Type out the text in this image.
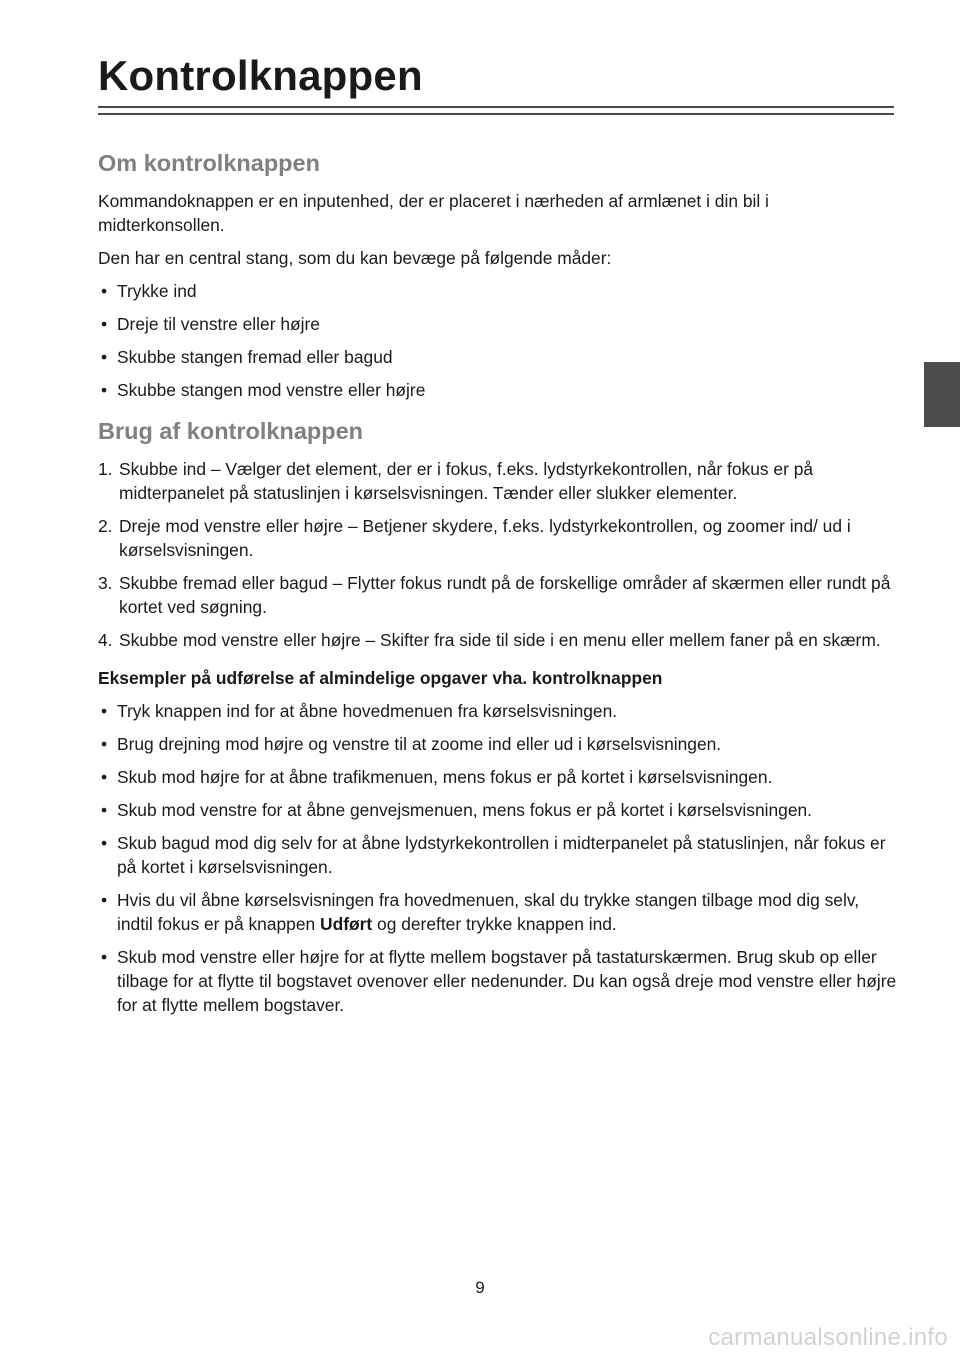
Kontrolknappen
Om kontrolknappen

Kommandoknappen er en inputenhed, der er placeret i nærheden af armlænet i din bil i midterkonsollen.

Den har en central stang, som du kan bevæge på følgende måder:

• Trykke ind
• Dreje til venstre eller højre
• Skubbe stangen fremad eller bagud
• Skubbe stangen mod venstre eller højre
Brug af kontrolknappen
1. Skubbe ind – Vælger det element, der er i fokus, f.eks. lydstyrkekontrollen, når fokus er på midterpanelet på statuslinjen i kørselsvisningen. Tænder eller slukker elementer.
2. Dreje mod venstre eller højre – Betjener skydere, f.eks. lydstyrkekontrollen, og zoomer ind/ ud i kørselsvisningen.
3. Skubbe fremad eller bagud – Flytter fokus rundt på de forskellige områder af skærmen eller rundt på kortet ved søgning.
4. Skubbe mod venstre eller højre – Skifter fra side til side i en menu eller mellem faner på en skærm.

Eksempler på udførelse af almindelige opgaver vha. kontrolknappen

• Tryk knappen ind for at åbne hovedmenuen fra kørselsvisningen.
• Brug drejning mod højre og venstre til at zoome ind eller ud i kørselsvisningen.
• Skub mod højre for at åbne trafikmenuen, mens fokus er på kortet i kørselsvisningen.
• Skub mod venstre for at åbne genvejsmenuen, mens fokus er på kortet i kørselsvisningen.
• Skub bagud mod dig selv for at åbne lydstyrkekontrollen i midterpanelet på statuslinjen, når fokus er på kortet i kørselsvisningen.
• Hvis du vil åbne kørselsvisningen fra hovedmenuen, skal du trykke stangen tilbage mod dig selv, indtil fokus er på knappen Udført og derefter trykke knappen ind.
• Skub mod venstre eller højre for at flytte mellem bogstaver på tastaturskærmen. Brug skub op eller tilbage for at flytte til bogstavet ovenover eller nedenunder. Du kan også dreje mod venstre eller højre for at flytte mellem bogstaver.
9
carmanualsonline.info
